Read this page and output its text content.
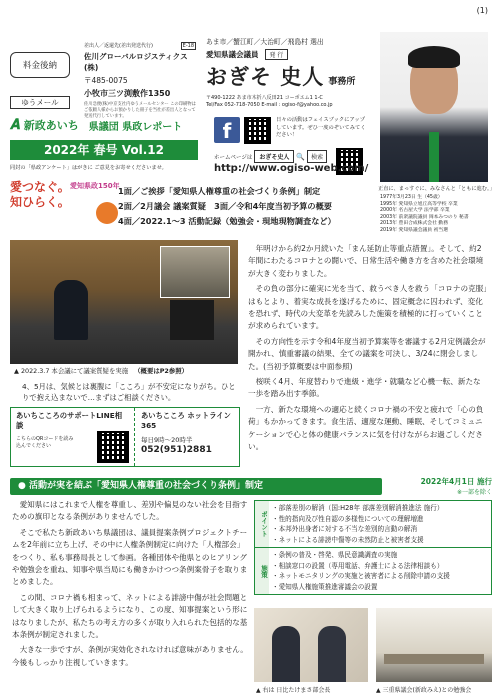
(1)
料金後納
ゆうメール
差出人／返還先(差出発送代行)	E-18
佐川グローバルロジスティクス(株)
〒485-0075
小牧市三ツ渕敷作1350
佐川急便(株)中京支社内ゆうメールセンター この印刷物はご依頼人様からお預かりした冊子を当社が差出人となって発送代行しています。
𝑨 新政あいち 県議団 県政レポート
2022年 春号 Vol.12
同封の「県政アンケート」はがきに ご意見をお寄せくださいませ。
あま市／蟹江町／大治町／飛島村 選出
愛知県議会議員	発 行
おぎそ 史人 事務所
〒490-1222 あま市木折八反田21 コーポエム1 1-C
Tel/Fax 052-718-7050 E-mail : ogiso-f@yahoo.co.jp
f	日々の活動はフェイスブックにアップしています。ぜひ一度のぞいてみてください！
ホームページは	おぎそ史人	🔍	検索
http://www.ogiso-web.com/
正直に、まっすぐに、みなさんと「ともに進む。」
1977年3月23日 生（45歳）
1995年 愛知県立旭丘高等学校 卒業
2000年 名古屋大学 法学部 卒業
2003年 前衆議院議員 岡本みつのり 秘書
2013年 豊田合成株式会社 勤務
2019年 愛知県議会議員 初当選
愛つなぐ。知ひらく。
愛知県政150年
1面／ご挨拶「愛知県人権尊重の社会づくり条例」制定
2面／2月議会 議案質疑　3面／令和4年度当初予算の概要
4面／2022.1～3 活動記録（勉強会・現地現物調査など）
▲ 2022.3.7 本会議にて議案質疑を実施 （概要はP2参照）
4、5月は、気候とは裏腹に「こころ」が不安定になりがち。ひとりで抱え込まないで…まずはご相談ください。
あいちこころのサポートLINE相談
こちらのQRコードを読み込んでください
あいちこころ ホットライン365
毎日9時～20時半
052(951)2881

年明けから約2か月続いた「まん延防止等重点措置」。そして、約2年間にわたるコロナとの闘いで、日常生活や働き方を含めた社会環境が大きく変わりました。

その負の部分に確実に光を当て、救うべき人を救う「コロナの克服」はもとより、着実な成長を遂げるために、固定概念に囚われず、変化を恐れず、時代の大変革を先読みした施策を積極的に打っていくことが求められています。

その方向性を示す令和4年度当初予算案等を審議する2月定例議会が開かれ、慎重審議の結果、全ての議案を可決し、3/24に閉会しました。(当初予算概要は中面参照)

桜咲く4月、年度替わりで進級・進学・就職など心機一転、新たな一歩を踏み出す季節。

一方、新たな環境への適応と続くコロナ禍の不安と疲れで「心の負荷」もかかってきます。食生活、適度な運動、睡眠、そしてコミュニケーションで心と体の健康バランスに気を付けながらお過ごしください。

● 活動が実を結ぶ「愛知県人権尊重の社会づくり条例」制定	2022年4月1日 施行
※一部を除く

愛知県にはこれまで人権を尊重し、差別や偏見のない社会を目指すための旗印となる条例がありませんでした。

そこで私たち新政あいち県議団は、議員提案条例プロジェクトチームを2年前に立ち上げ、その中に人権条例制定に向けた「人権部会」をつくり、私も事務局長として参画。各種団体や他県とのヒアリングや勉強会を重ね、知事や県当局にも働きかけつつ条例案骨子を取りまとめました。

この間、コロナ禍も相まって、ネットによる誹謗中傷が社会問題として大きく取り上げられるようになり、この度、知事提案という形にはなりましたが、私たちの考え方の多くが取り入れられた包括的な基本条例が制定されました。

大きな一歩ですが、条例が実効化されなければ意味がありません。今後もしっかり注視していきます。

ポイント
・部落差別の解消（国:H28年 部落差別解消推進法 施行）
・性的指向及び性自認の多様性についての理解増進
・本邦外出身者に対する不当な差別的言動の解消
・ネットによる誹謗中傷等の未然防止と被害者支援
施策
・条例の普及・啓発、県民意識調査の実施
・相談窓口の設置（専用電話、弁護士による法律相談も）
・ネットモニタリングの実施と被害者による削除申請の支援
・愛知県人権施策推進審議会の設置
▲ 右は 日比たけまさ部会長	▲ 三重県議会(新政みえ)との勉強会
